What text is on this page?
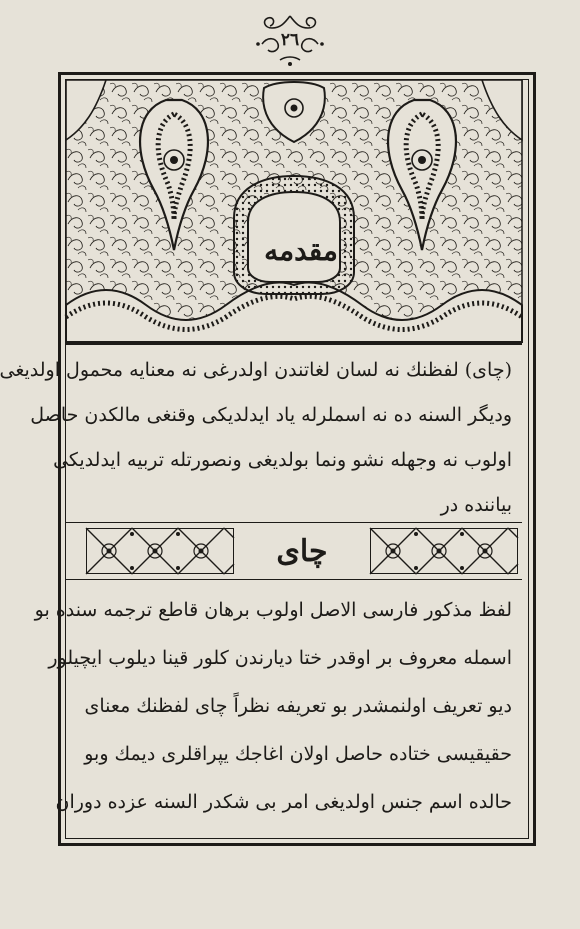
٢٦
مقدمه
(چای) لفظنك نه لسان لغاتندن اولدرغی نه معنایه محمول اولدیغی
ودیگر السنه ده نه اسملرله یاد ایدلدیکی وقنغی مالکدن حاصل
اولوب نه وجهله نشو ونما بولدیغی ونصورتله تربیه ایدلدیکی
بیاننده در
چای
لفظ مذکور فارسی الاصل اولوب برهان قاطع ترجمه سنده بو
اسمله معروف بر اوقدر ختا دیارندن کلور قینا دیلوب ایچیلور
دیو تعریف اولنمشدر بو تعریفه نظراً چای لفظنك معنای
حقیقیسی ختاده حاصل اولان اغاجك یپراقلری دیمك وبو
حالده اسم جنس اولدیغی امر بی شکدر السنه عزده دوران
